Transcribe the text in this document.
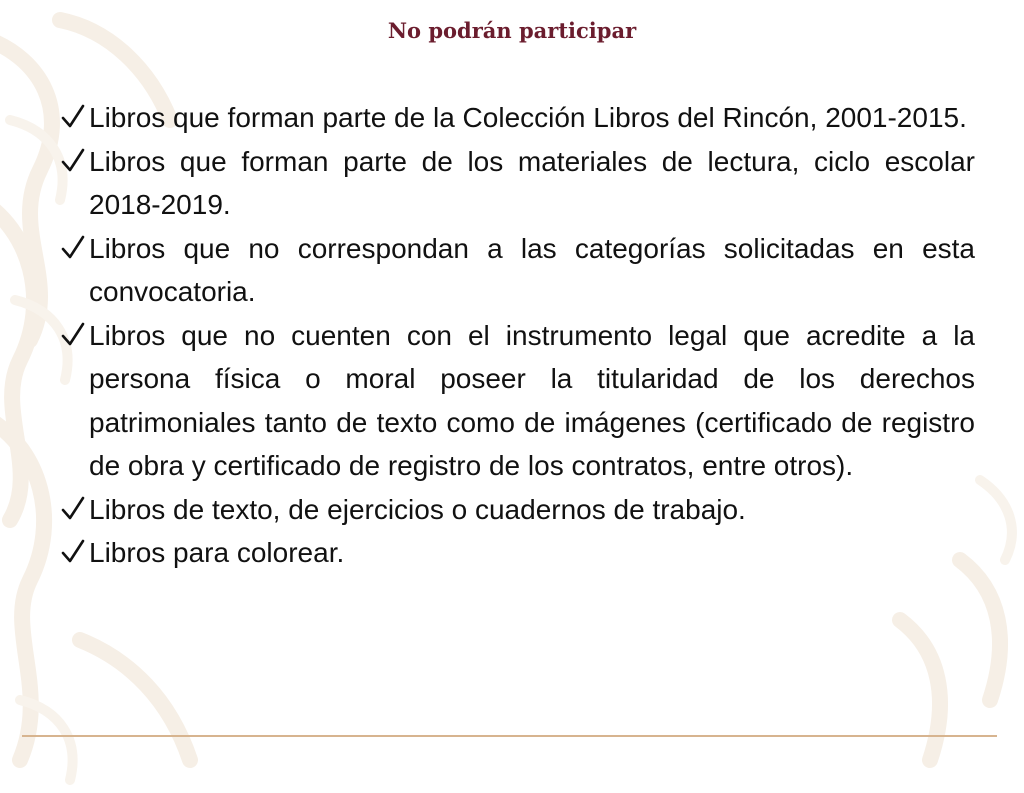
No podrán participar
Libros que forman parte de la Colección Libros del Rincón, 2001-2015.
Libros que forman parte de los materiales de lectura, ciclo escolar 2018-2019.
Libros que no correspondan a las categorías solicitadas en esta convocatoria.
Libros que no cuenten con el instrumento legal que acredite a la persona física o moral poseer la titularidad de los derechos patrimoniales tanto de texto como de imágenes (certificado de registro de obra y certificado de registro de los contratos, entre otros).
Libros de texto, de ejercicios o cuadernos de trabajo.
Libros para colorear.
